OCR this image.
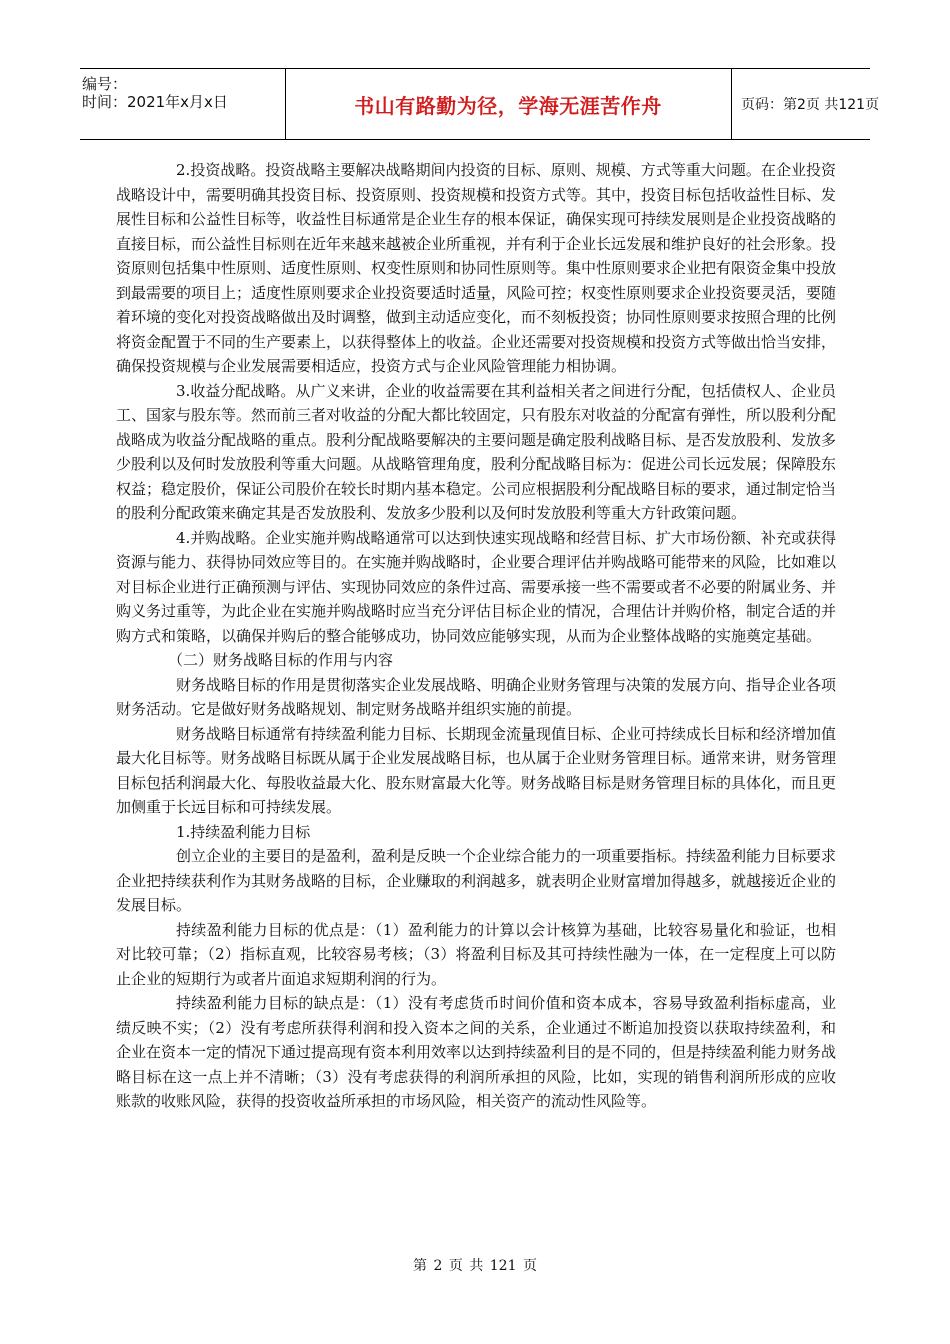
编号：
时间：2021年x月x日	书山有路勤为径，学海无涯苦作舟	页码：第2页 共121页

2.投资战略。投资战略主要解决战略期间内投资的目标、原则、规模、方式等重大问题。在企业投资战略设计中，需要明确其投资目标、投资原则、投资规模和投资方式等。其中，投资目标包括收益性目标、发展性目标和公益性目标等，收益性目标通常是企业生存的根本保证，确保实现可持续发展则是企业投资战略的直接目标，而公益性目标则在近年来越来越被企业所重视，并有利于企业长远发展和维护良好的社会形象。投资原则包括集中性原则、适度性原则、权变性原则和协同性原则等。集中性原则要求企业把有限资金集中投放到最需要的项目上；适度性原则要求企业投资要适时适量，风险可控；权变性原则要求企业投资要灵活，要随着环境的变化对投资战略做出及时调整，做到主动适应变化，而不刻板投资；协同性原则要求按照合理的比例将资金配置于不同的生产要素上，以获得整体上的收益。企业还需要对投资规模和投资方式等做出恰当安排，确保投资规模与企业发展需要相适应，投资方式与企业风险管理能力相协调。

3.收益分配战略。从广义来讲，企业的收益需要在其利益相关者之间进行分配，包括债权人、企业员工、国家与股东等。然而前三者对收益的分配大都比较固定，只有股东对收益的分配富有弹性，所以股利分配战略成为收益分配战略的重点。股利分配战略要解决的主要问题是确定股利战略目标、是否发放股利、发放多少股利以及何时发放股利等重大问题。从战略管理角度，股利分配战略目标为：促进公司长远发展；保障股东权益；稳定股价，保证公司股价在较长时期内基本稳定。公司应根据股利分配战略目标的要求，通过制定恰当的股利分配政策来确定其是否发放股利、发放多少股利以及何时发放股利等重大方针政策问题。

4.并购战略。企业实施并购战略通常可以达到快速实现战略和经营目标、扩大市场份额、补充或获得资源与能力、获得协同效应等目的。在实施并购战略时，企业要合理评估并购战略可能带来的风险，比如难以对目标企业进行正确预测与评估、实现协同效应的条件过高、需要承接一些不需要或者不必要的附属业务、并购义务过重等，为此企业在实施并购战略时应当充分评估目标企业的情况，合理估计并购价格，制定合适的并购方式和策略，以确保并购后的整合能够成功，协同效应能够实现，从而为企业整体战略的实施奠定基础。

（二）财务战略目标的作用与内容

财务战略目标的作用是贯彻落实企业发展战略、明确企业财务管理与决策的发展方向、指导企业各项财务活动。它是做好财务战略规划、制定财务战略并组织实施的前提。

财务战略目标通常有持续盈利能力目标、长期现金流量现值目标、企业可持续成长目标和经济增加值最大化目标等。财务战略目标既从属于企业发展战略目标，也从属于企业财务管理目标。通常来讲，财务管理目标包括利润最大化、每股收益最大化、股东财富最大化等。财务战略目标是财务管理目标的具体化，而且更加侧重于长远目标和可持续发展。

1.持续盈利能力目标

创立企业的主要目的是盈利，盈利是反映一个企业综合能力的一项重要指标。持续盈利能力目标要求企业把持续获利作为其财务战略的目标，企业赚取的利润越多，就表明企业财富增加得越多，就越接近企业的发展目标。

持续盈利能力目标的优点是：（1）盈利能力的计算以会计核算为基础，比较容易量化和验证，也相对比较可靠；（2）指标直观，比较容易考核；（3）将盈利目标及其可持续性融为一体，在一定程度上可以防止企业的短期行为或者片面追求短期利润的行为。

持续盈利能力目标的缺点是：（1）没有考虑货币时间价值和资本成本，容易导致盈利指标虚高，业绩反映不实；（2）没有考虑所获得利润和投入资本之间的关系，企业通过不断追加投资以获取持续盈利，和企业在资本一定的情况下通过提高现有资本利用效率以达到持续盈利目的是不同的，但是持续盈利能力财务战略目标在这一点上并不清晰；（3）没有考虑获得的利润所承担的风险，比如，实现的销售利润所形成的应收账款的收账风险，获得的投资收益所承担的市场风险，相关资产的流动性风险等。

第 2 页 共 121 页
